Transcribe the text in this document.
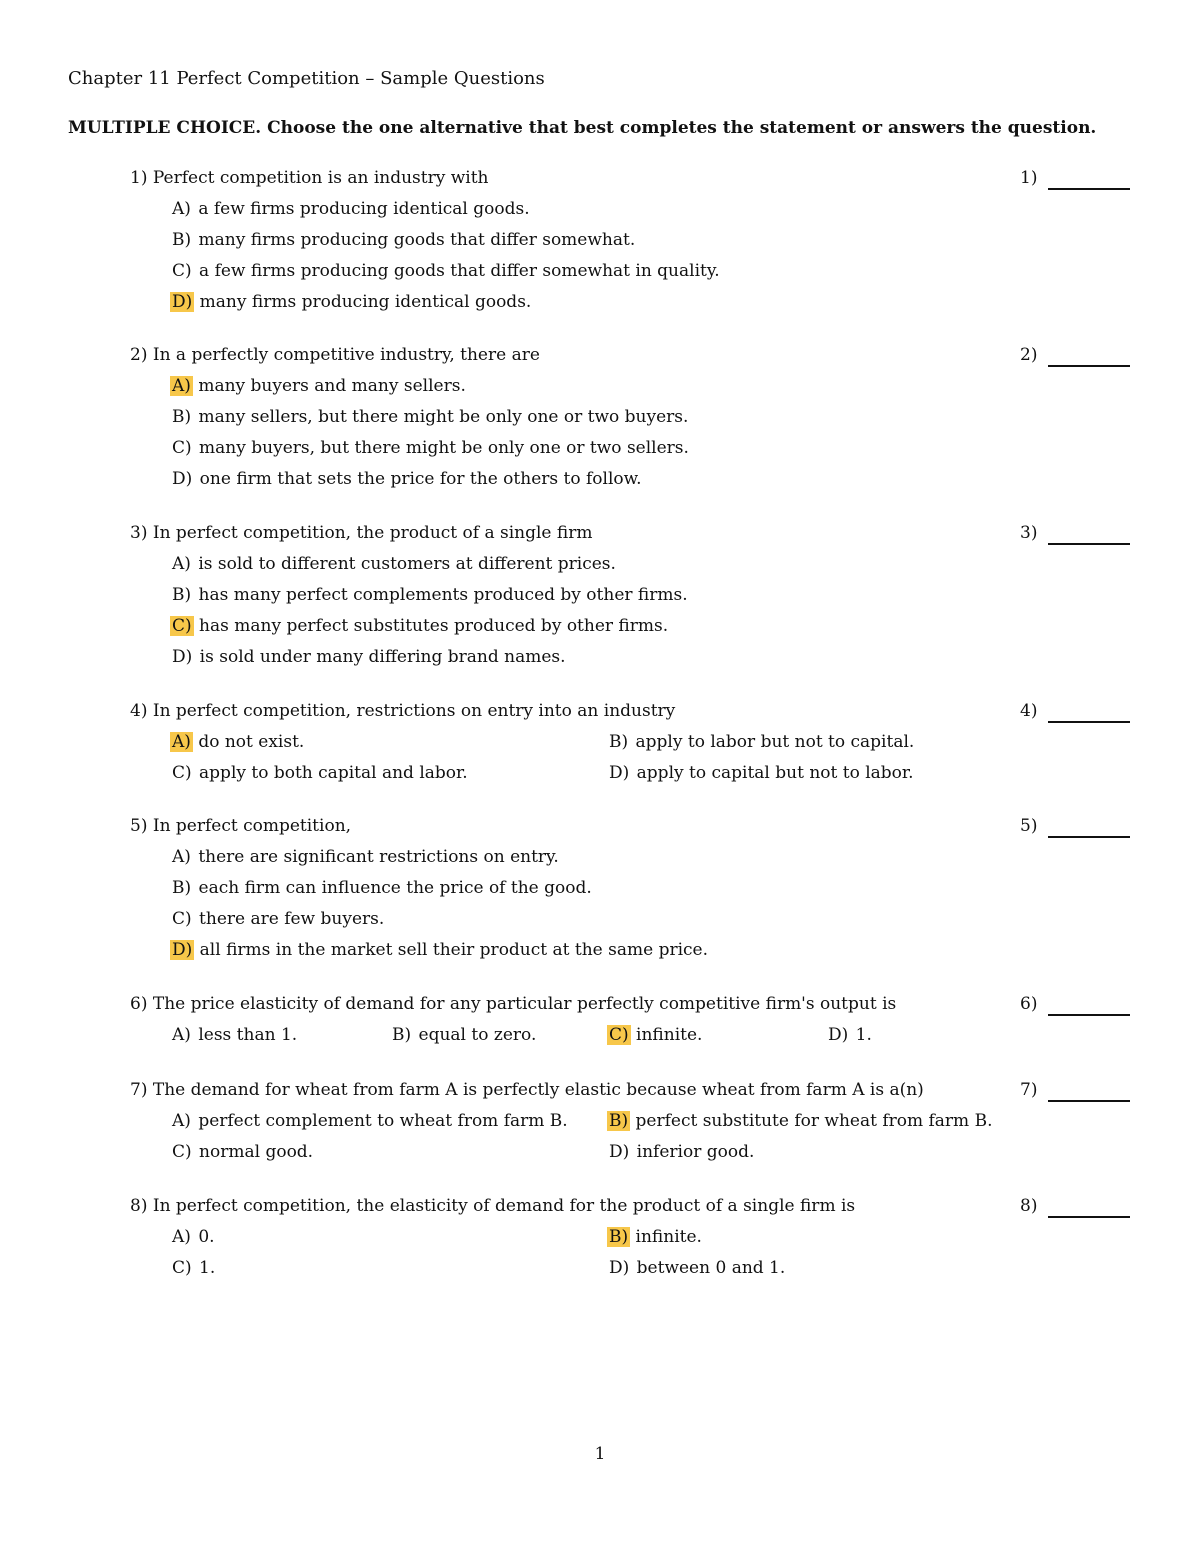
Chapter 11 Perfect Competition – Sample Questions
MULTIPLE CHOICE. Choose the one alternative that best completes the statement or answers the question.
1) Perfect competition is an industry with	1)
A) a few firms producing identical goods.
B) many firms producing goods that differ somewhat.
C) a few firms producing goods that differ somewhat in quality.
D) many firms producing identical goods.
2) In a perfectly competitive industry, there are	2)
A) many buyers and many sellers.
B) many sellers, but there might be only one or two buyers.
C) many buyers, but there might be only one or two sellers.
D) one firm that sets the price for the others to follow.
3) In perfect competition, the product of a single firm	3)
A) is sold to different customers at different prices.
B) has many perfect complements produced by other firms.
C) has many perfect substitutes produced by other firms.
D) is sold under many differing brand names.
4) In perfect competition, restrictions on entry into an industry	4)
A) do not exist.	B) apply to labor but not to capital.
C) apply to both capital and labor.	D) apply to capital but not to labor.
5) In perfect competition,	5)
A) there are significant restrictions on entry.
B) each firm can influence the price of the good.
C) there are few buyers.
D) all firms in the market sell their product at the same price.
6) The price elasticity of demand for any particular perfectly competitive firm's output is	6)
A) less than 1.	B) equal to zero.	C) infinite.	D) 1.
7) The demand for wheat from farm A is perfectly elastic because wheat from farm A is a(n)	7)
A) perfect complement to wheat from farm B. B) perfect substitute for wheat from farm B.
C) normal good.	D) inferior good.
8) In perfect competition, the elasticity of demand for the product of a single firm is	8)
A) 0.	B) infinite.
C) 1.	D) between 0 and 1.
1
